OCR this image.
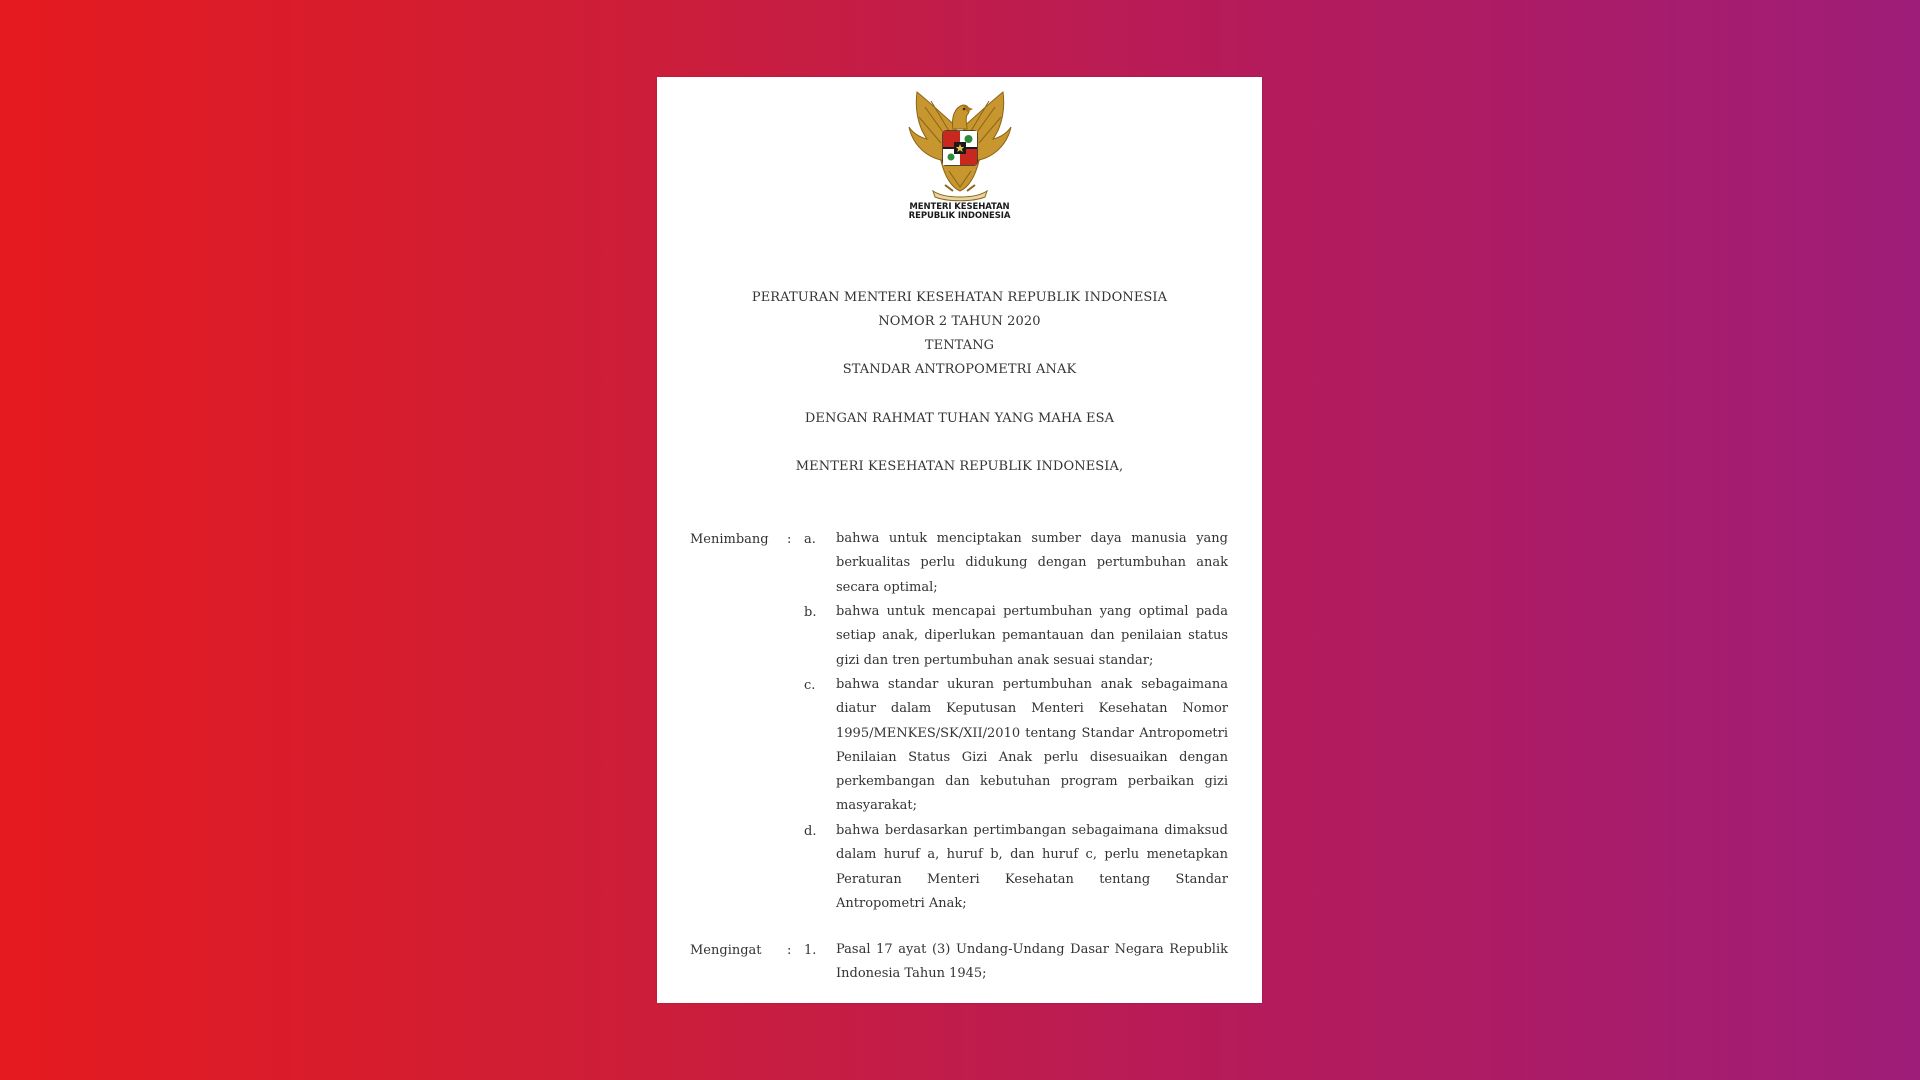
MENTERI KESEHATAN
REPUBLIK INDONESIA
PERATURAN MENTERI KESEHATAN REPUBLIK INDONESIA
NOMOR 2 TAHUN 2020
TENTANG
STANDAR ANTROPOMETRI ANAK
DENGAN RAHMAT TUHAN YANG MAHA ESA
MENTERI KESEHATAN REPUBLIK INDONESIA,
Menimbang : a. bahwa untuk menciptakan sumber daya manusia yang berkualitas perlu didukung dengan pertumbuhan anak secara optimal;
b. bahwa untuk mencapai pertumbuhan yang optimal pada setiap anak, diperlukan pemantauan dan penilaian status gizi dan tren pertumbuhan anak sesuai standar;
c. bahwa standar ukuran pertumbuhan anak sebagaimana diatur dalam Keputusan Menteri Kesehatan Nomor 1995/MENKES/SK/XII/2010 tentang Standar Antropometri Penilaian Status Gizi Anak perlu disesuaikan dengan perkembangan dan kebutuhan program perbaikan gizi masyarakat;
d. bahwa berdasarkan pertimbangan sebagaimana dimaksud dalam huruf a, huruf b, dan huruf c, perlu menetapkan Peraturan Menteri Kesehatan tentang Standar Antropometri Anak;
Mengingat : 1. Pasal 17 ayat (3) Undang-Undang Dasar Negara Republik Indonesia Tahun 1945;
